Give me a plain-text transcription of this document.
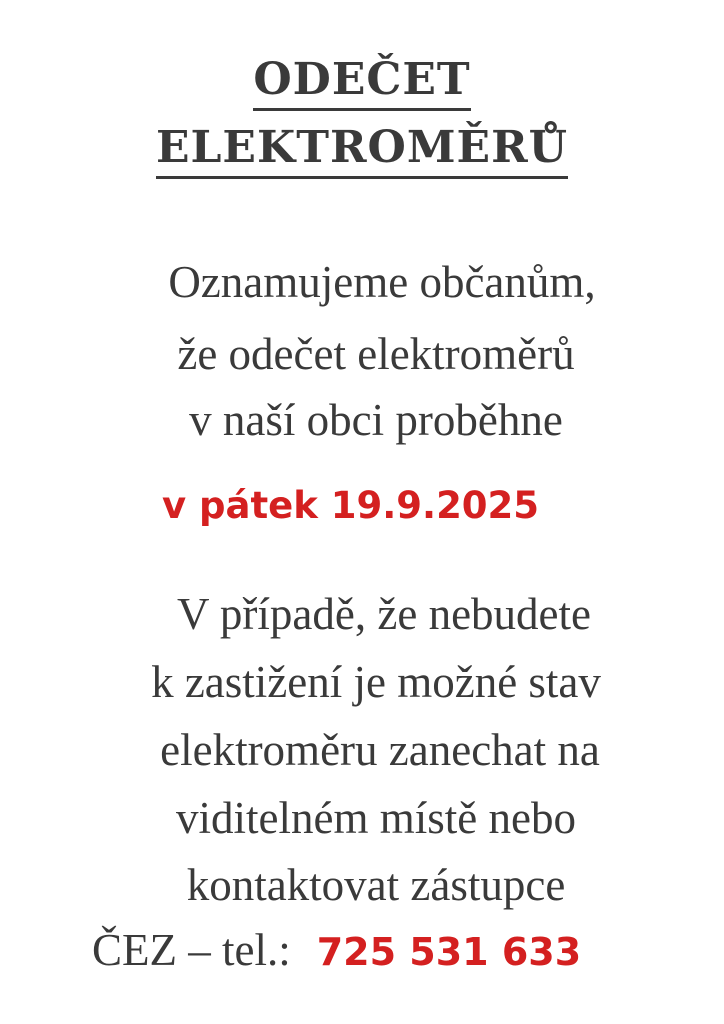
ODEČET
ELEKTROMĚRŮ
Oznamujeme občanům,
že odečet elektroměrů
v naší obci proběhne
v pátek 19.9.2025
V případě, že nebudete
k zastižení je možné stav
elektroměru zanechat na
viditelném místě nebo
kontaktovat zástupce
ČEZ – tel.: 725 531 633
